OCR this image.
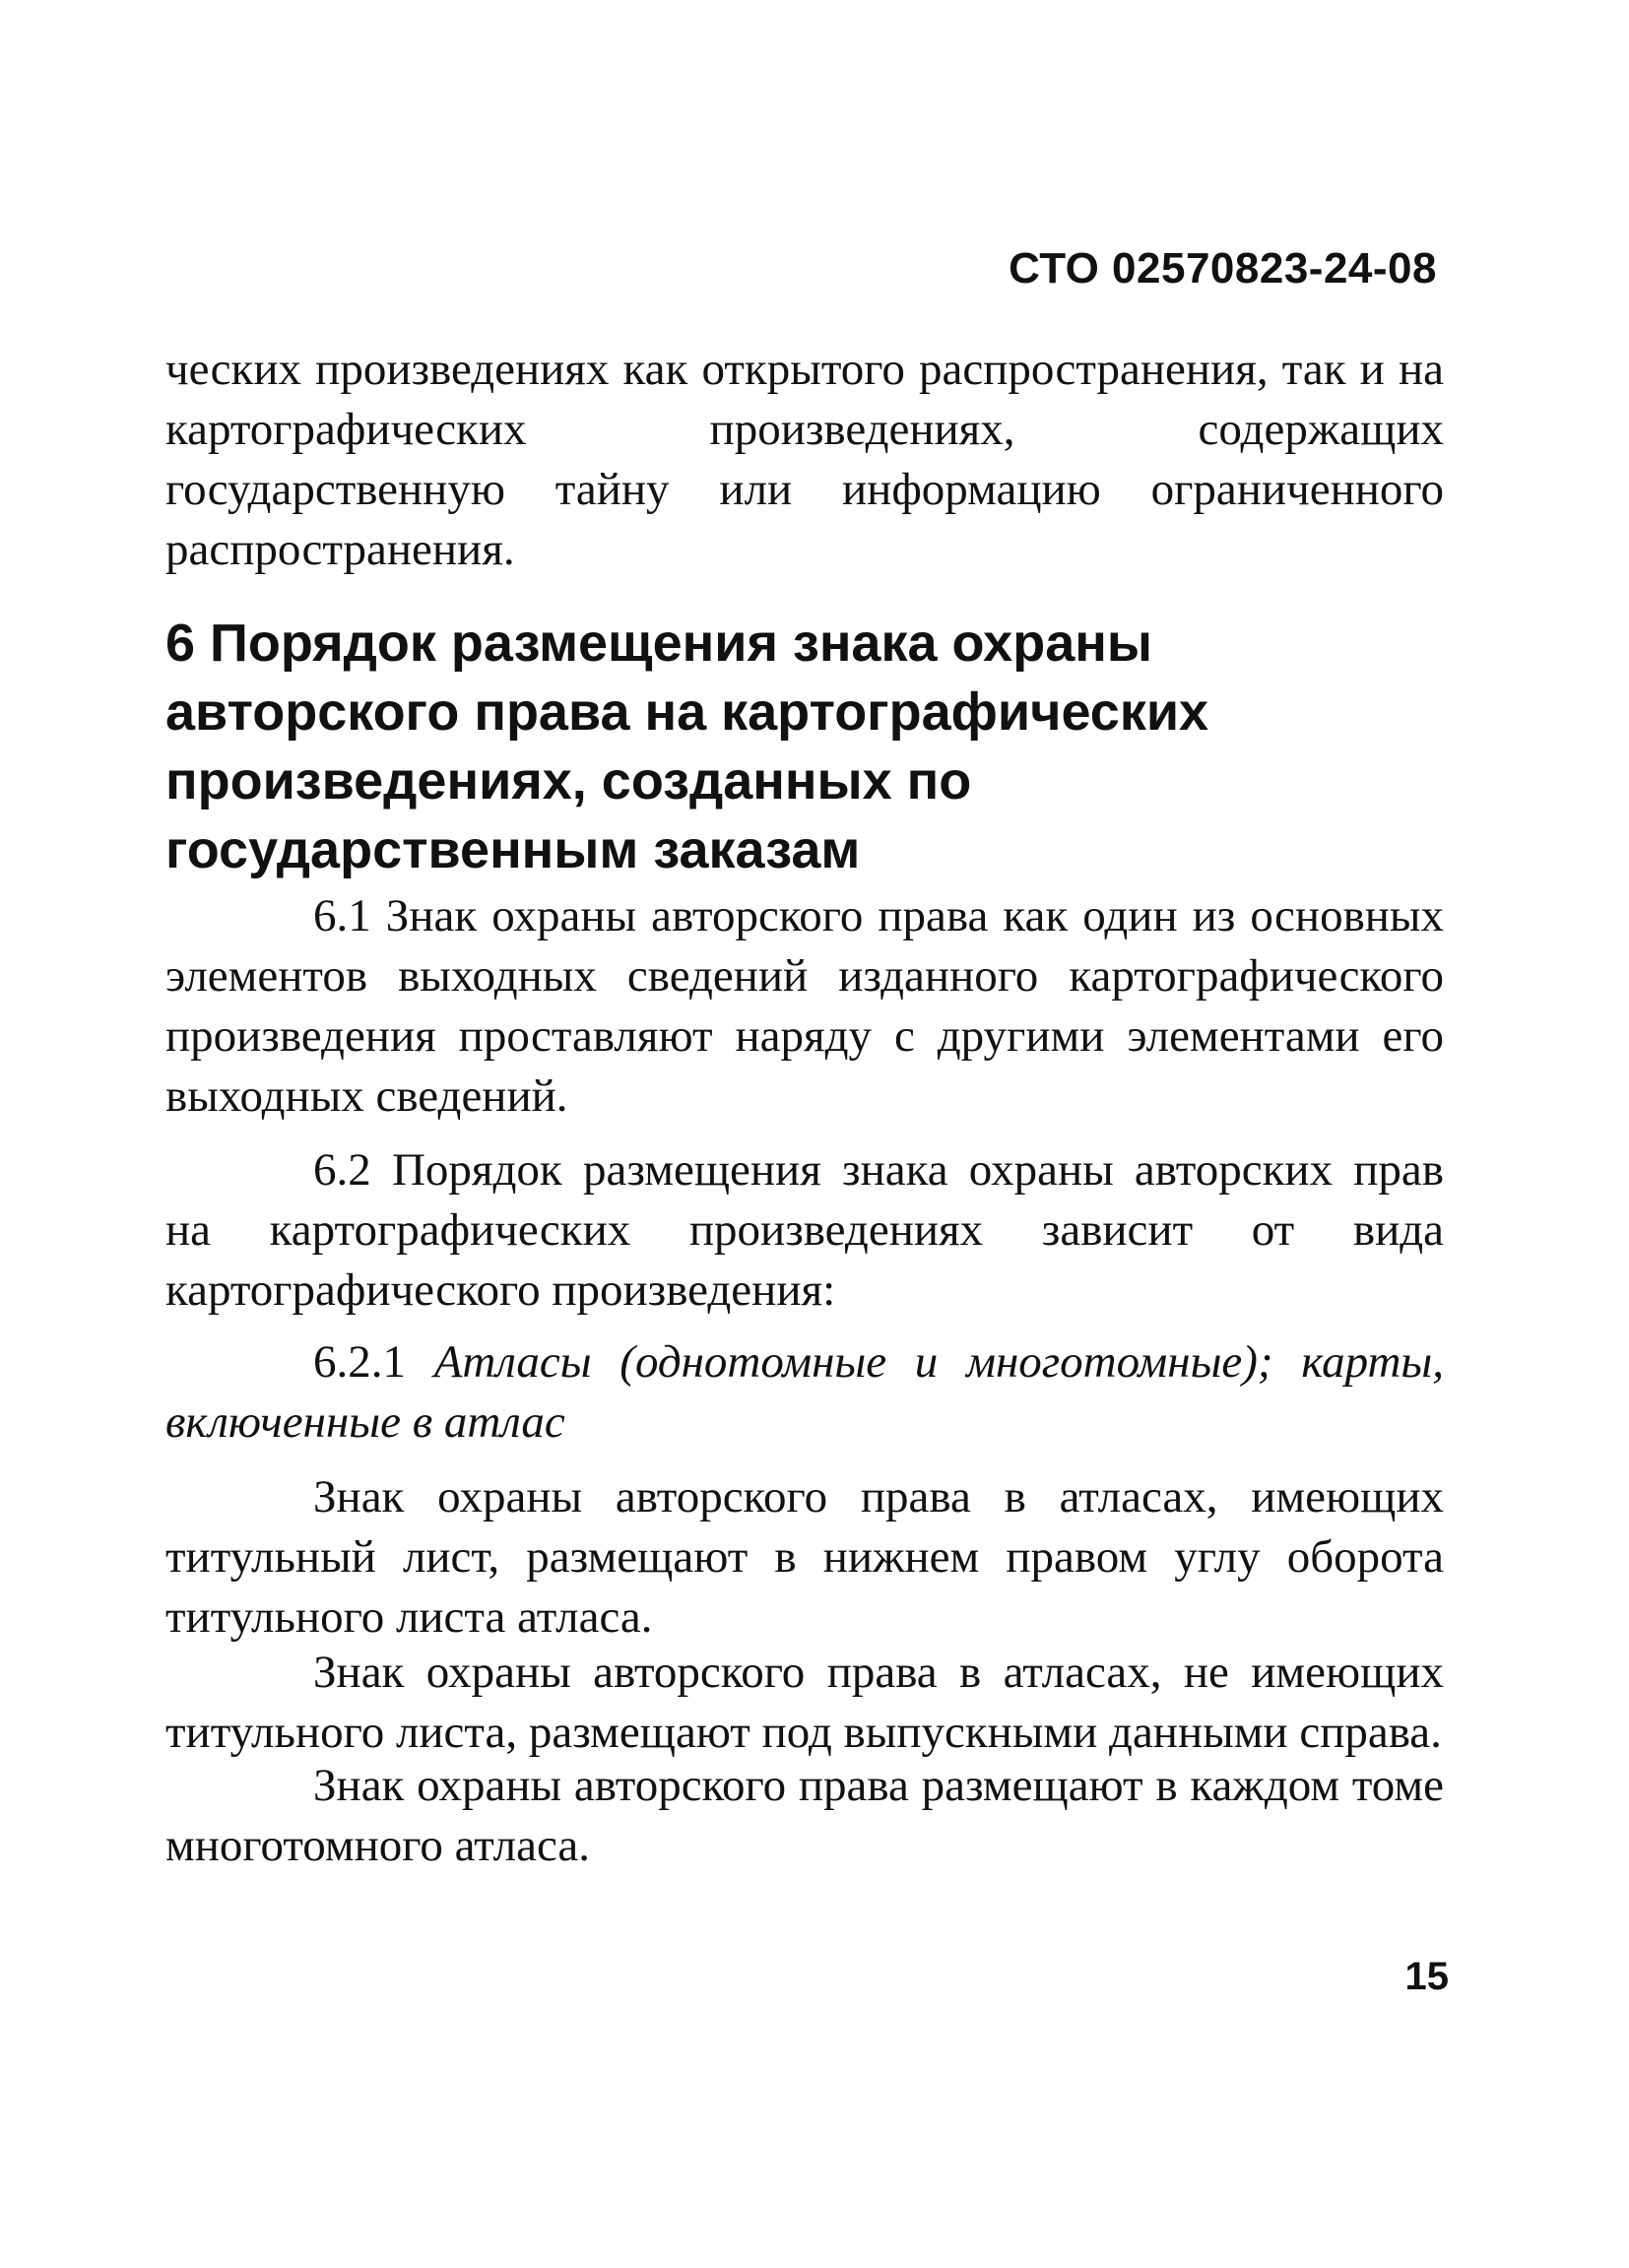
СТО 02570823-24-08

ческих произведениях как открытого распространения, так и на картографических произведениях, содержащих государственную тайну или информацию ограниченного распространения.

6 Порядок размещения знака охраны
авторского права на картографических
произведениях, созданных по
государственным заказам

6.1 Знак охраны авторского права как один из основных элементов выходных сведений изданного картографического произведения проставляют наряду с другими элементами его выходных сведений.

6.2 Порядок размещения знака охраны авторских прав на картографических произведениях зависит от вида картографического произведения:

6.2.1 Атласы (однотомные и многотомные); карты, включенные в атлас

Знак охраны авторского права в атласах, имеющих титульный лист, размещают в нижнем правом углу оборота титульного листа атласа.

Знак охраны авторского права в атласах, не имеющих титульного листа, размещают под выпускными данными справа.

Знак охраны авторского права размещают в каждом томе многотомного атласа.

15
